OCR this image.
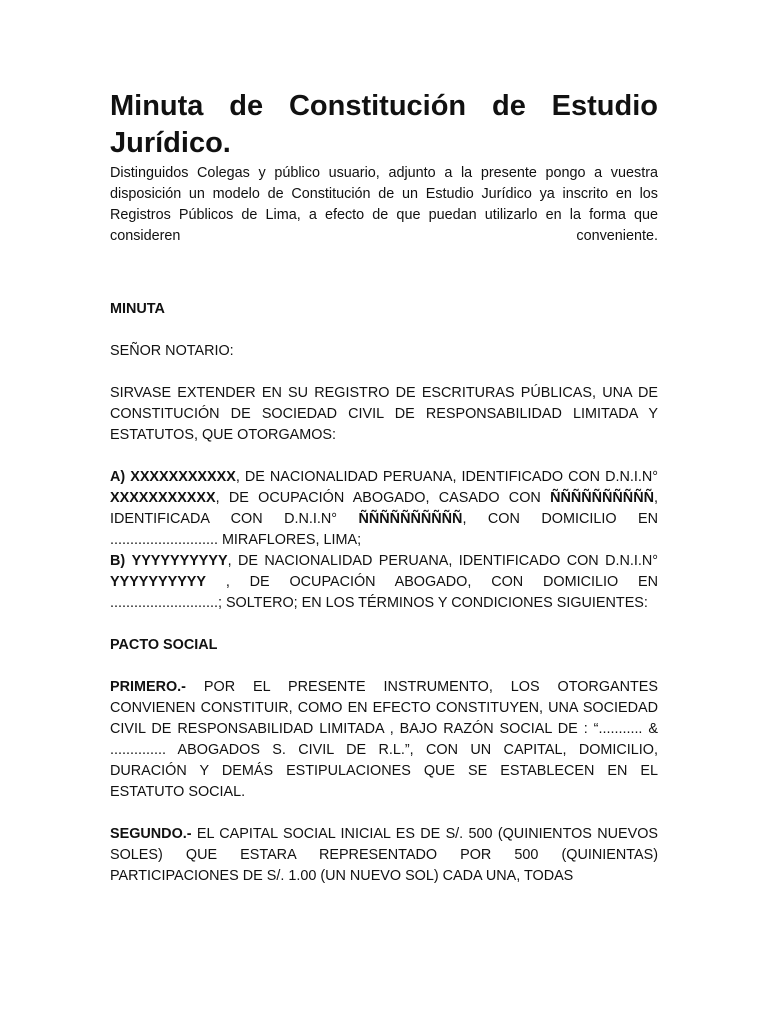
Minuta de Constitución de Estudio
Jurídico.

Distinguidos Colegas y público usuario, adjunto a la presente pongo a vuestra disposición un modelo de Constitución de un Estudio Jurídico ya inscrito en los Registros Públicos de Lima, a efecto de que puedan utilizarlo en la forma que consideren conveniente.

MINUTA

SEÑOR NOTARIO:

SIRVASE EXTENDER EN SU REGISTRO DE ESCRITURAS PÚBLICAS, UNA DE CONSTITUCIÓN DE SOCIEDAD CIVIL DE RESPONSABILIDAD LIMITADA Y ESTATUTOS, QUE OTORGAMOS:

A) XXXXXXXXXXX, DE NACIONALIDAD PERUANA, IDENTIFICADO CON D.N.I.N° XXXXXXXXXXX, DE OCUPACIÓN ABOGADO, CASADO CON ÑÑÑÑÑÑÑÑÑÑ, IDENTIFICADA CON D.N.I.N° ÑÑÑÑÑÑÑÑÑÑ, CON DOMICILIO EN ........................... MIRAFLORES, LIMA;

B) YYYYYYYYYY, DE NACIONALIDAD PERUANA, IDENTIFICADO CON D.N.I.N° YYYYYYYYYY , DE OCUPACIÓN ABOGADO, CON DOMICILIO EN ...........................; SOLTERO; EN LOS TÉRMINOS Y CONDICIONES SIGUIENTES:

PACTO SOCIAL

PRIMERO.- POR EL PRESENTE INSTRUMENTO, LOS OTORGANTES CONVIENEN CONSTITUIR, COMO EN EFECTO CONSTITUYEN, UNA SOCIEDAD CIVIL DE RESPONSABILIDAD LIMITADA , BAJO RAZÓN SOCIAL DE : “........... & .............. ABOGADOS S. CIVIL DE R.L.”, CON UN CAPITAL, DOMICILIO, DURACIÓN Y DEMÁS ESTIPULACIONES QUE SE ESTABLECEN EN EL ESTATUTO SOCIAL.

SEGUNDO.- EL CAPITAL SOCIAL INICIAL ES DE S/. 500 (QUINIENTOS NUEVOS SOLES) QUE ESTARA REPRESENTADO POR 500 (QUINIENTAS) PARTICIPACIONES DE S/. 1.00 (UN NUEVO SOL) CADA UNA, TODAS
